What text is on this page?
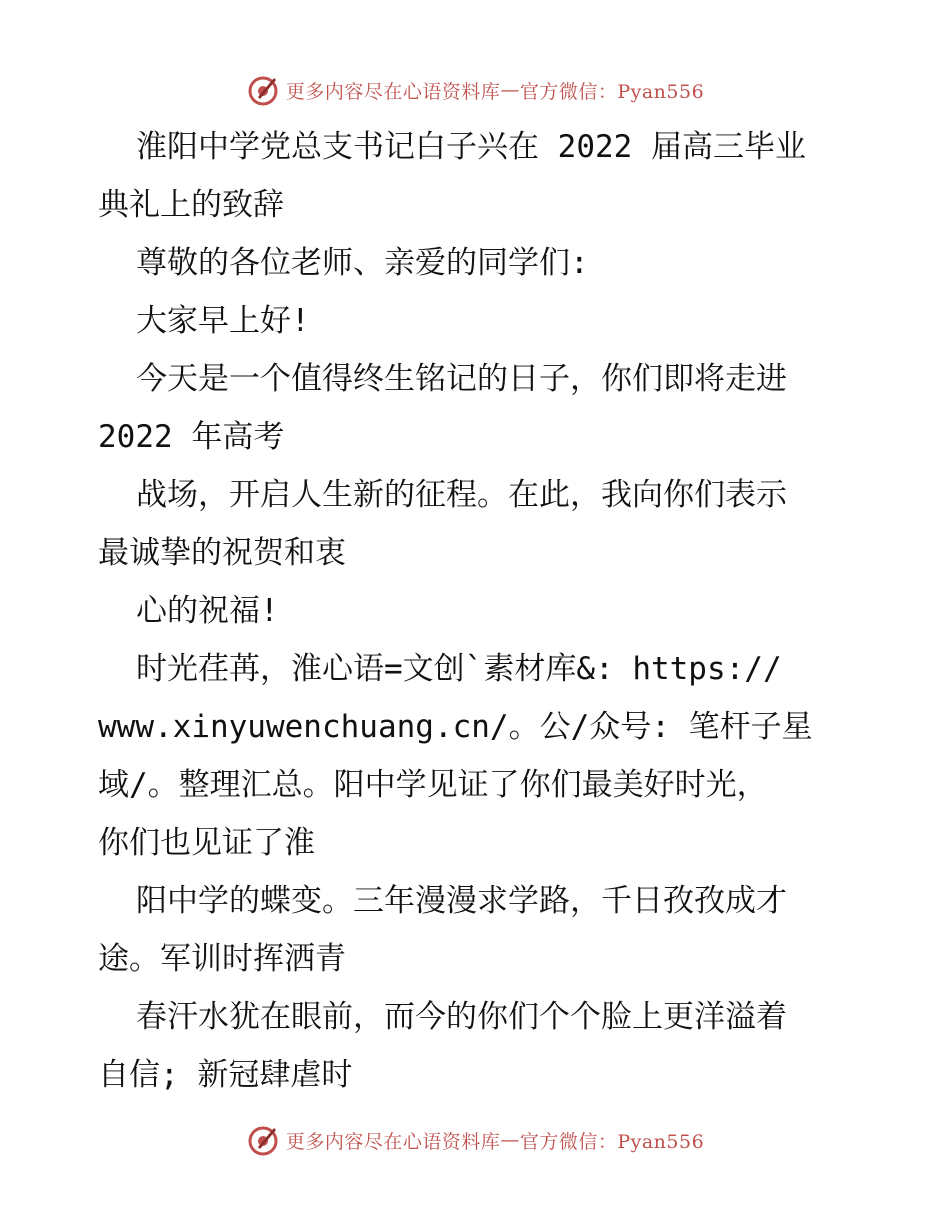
更多内容尽在心语资料库 — 官方微信：Pyan556

淮阳中学党总支书记白子兴在 2022 届高三毕业

典礼上的致辞

尊敬的各位老师、亲爱的同学们:

大家早上好!

今天是一个值得终生铭记的日子，你们即将走进

2022 年高考

战场，开启人生新的征程。在此，我向你们表示

最诚挚的祝贺和衷

心的祝福!

时光荏苒，淮心语=文创`素材库&: https://

www.xinyuwenchuang.cn/。公/众号: 笔杆子星

域/。整理汇总。阳中学见证了你们最美好时光，

你们也见证了淮

阳中学的蝶变。三年漫漫求学路，千日孜孜成才

途。军训时挥洒青

春汗水犹在眼前，而今的你们个个脸上更洋溢着

自信; 新冠肆虐时

更多内容尽在心语资料库 — 官方微信：Pyan556
